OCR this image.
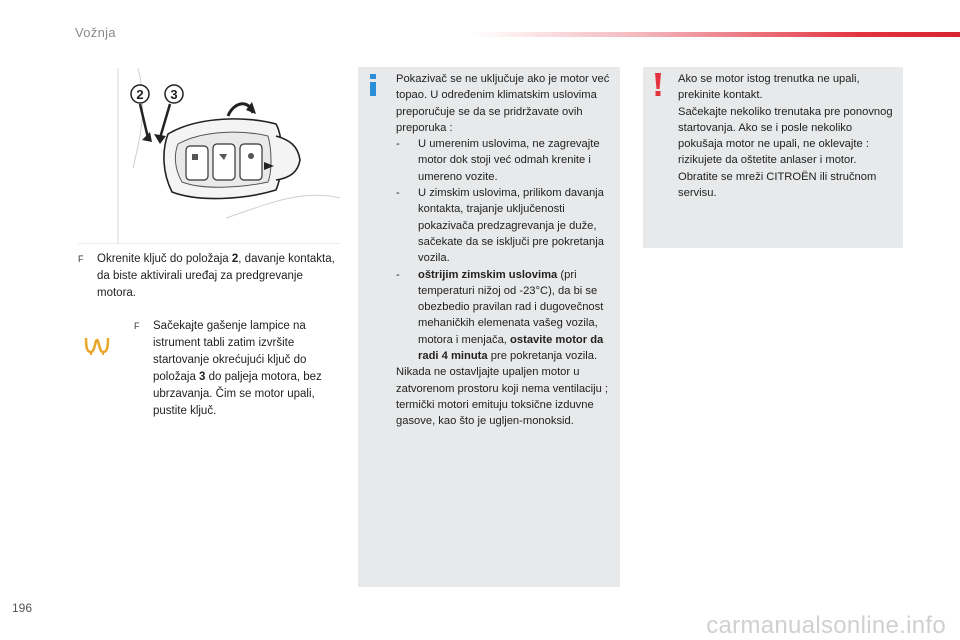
Vožnja
2 3
F Okrenite ključ do položaja 2, davanje kontakta, da biste aktivirali uređaj za predgrevanje motora.
F Sačekajte gašenje lampice na istrument tabli zatim izvršite startovanje okrećujući ključ do položaja 3 do paljeja motora, bez ubrzavanja. Čim se motor upali, pustite ključ.

Pokazivač se ne uključuje ako je motor već topao. U određenim klimatskim uslovima preporučuje se da se pridržavate ovih preporuka :

- U umerenim uslovima, ne zagrevajte motor dok stoji već odmah krenite i umereno vozite.
- U zimskim uslovima, prilikom davanja kontakta, trajanje uključenosti pokazivača predzagrevanja je duže, sačekate da se isključi pre pokretanja vozila.
- oštrijim zimskim uslovima (pri temperaturi nižoj od -23°C), da bi se obezbedio pravilan rad i dugovečnost mehaničkih elemenata vašeg vozila, motora i menjača, ostavite motor da radi 4 minuta pre pokretanja vozila.

Nikada ne ostavljajte upaljen motor u zatvorenom prostoru koji nema ventilaciju ; termički motori emituju toksične izduvne gasove, kao što je ugljen-monoksid.

Ako se motor istog trenutka ne upali, prekinite kontakt.

Sačekajte nekoliko trenutaka pre ponovnog startovanja. Ako se i posle nekoliko pokušaja motor ne upali, ne oklevajte : rizikujete da oštetite anlaser i motor.

Obratite se mreži CITROËN ili stručnom servisu.

196
carmanualsonline.info
